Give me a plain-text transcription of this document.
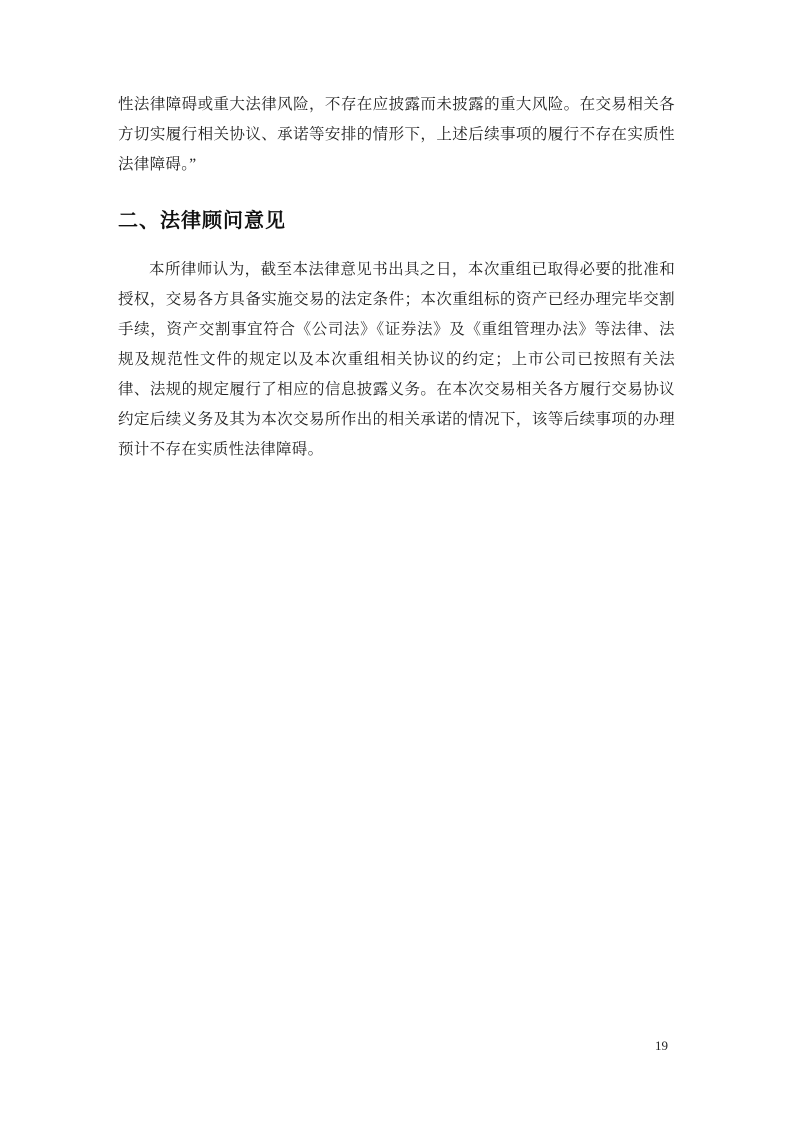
性法律障碍或重大法律风险，不存在应披露而未披露的重大风险。在交易相关各方切实履行相关协议、承诺等安排的情形下，上述后续事项的履行不存在实质性法律障碍。”

二、法律顾问意见

本所律师认为，截至本法律意见书出具之日，本次重组已取得必要的批准和授权，交易各方具备实施交易的法定条件；本次重组标的资产已经办理完毕交割手续，资产交割事宜符合《公司法》《证券法》及《重组管理办法》等法律、法规及规范性文件的规定以及本次重组相关协议的约定；上市公司已按照有关法律、法规的规定履行了相应的信息披露义务。在本次交易相关各方履行交易协议约定后续义务及其为本次交易所作出的相关承诺的情况下，该等后续事项的办理预计不存在实质性法律障碍。

19
